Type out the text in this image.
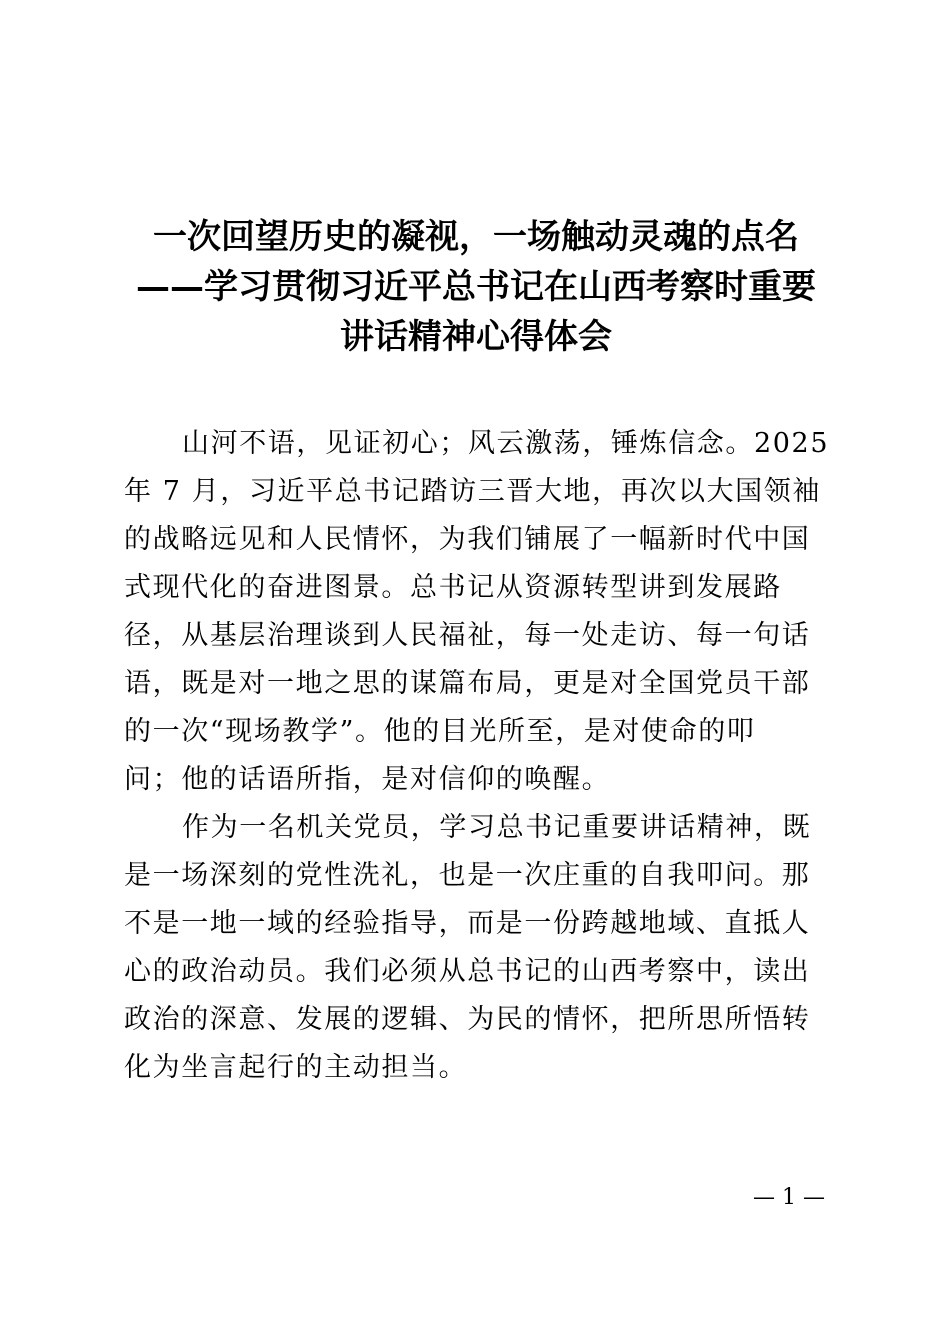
一次回望历史的凝视，一场触动灵魂的点名
——学习贯彻习近平总书记在山西考察时重要
讲话精神心得体会
山河不语，见证初心；风云激荡，锤炼信念。2025
年 7 月，习近平总书记踏访三晋大地，再次以大国领袖
的战略远见和人民情怀，为我们铺展了一幅新时代中国
式现代化的奋进图景。总书记从资源转型讲到发展路
径，从基层治理谈到人民福祉，每一处走访、每一句话
语，既是对一地之思的谋篇布局，更是对全国党员干部
的一次“现场教学”。他的目光所至，是对使命的叩
问；他的话语所指，是对信仰的唤醒。
作为一名机关党员，学习总书记重要讲话精神，既
是一场深刻的党性洗礼，也是一次庄重的自我叩问。那
不是一地一域的经验指导，而是一份跨越地域、直抵人
心的政治动员。我们必须从总书记的山西考察中，读出
政治的深意、发展的逻辑、为民的情怀，把所思所悟转
化为坐言起行的主动担当。
— 1 —
